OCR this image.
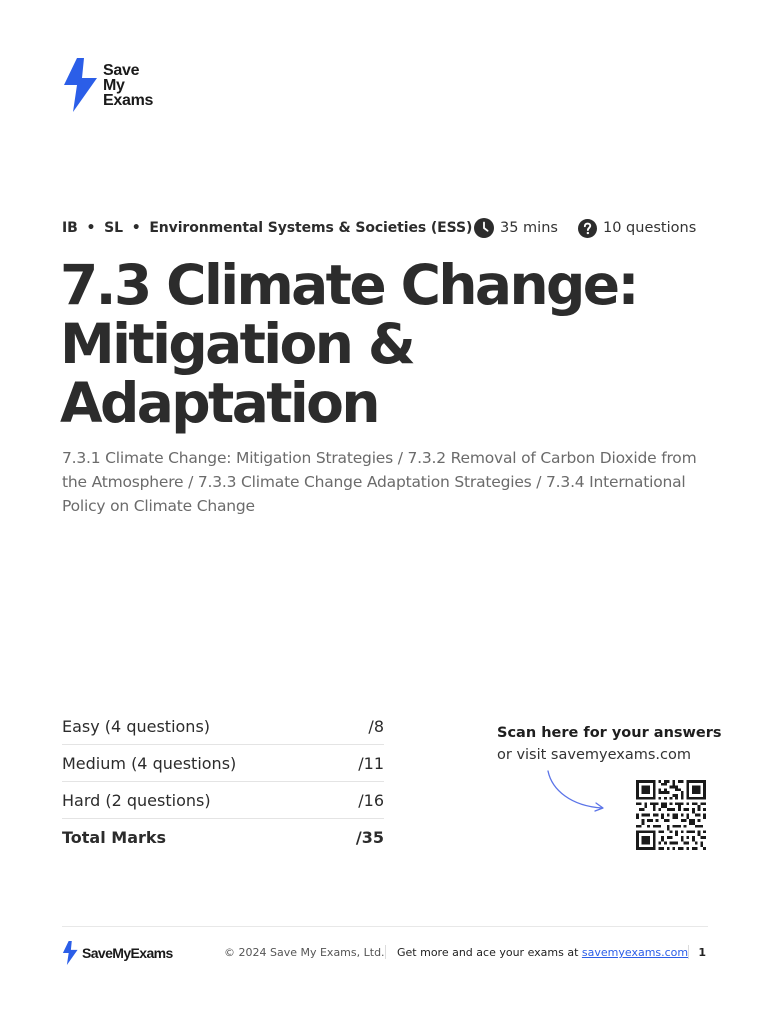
Save
My
Exams
IB • SL • Environmental Systems & Societies (ESS) 35 mins	10 questions
7.3 Climate Change:
Mitigation &
Adaptation

7.3.1 Climate Change: Mitigation Strategies / 7.3.2 Removal of Carbon Dioxide from the Atmosphere / 7.3.3 Climate Change Adaptation Strategies / 7.3.4 International Policy on Climate Change

Easy (4 questions)	/8
Medium (4 questions)	/11
Hard (2 questions)	/16
Total Marks	/35
Scan here for your answers
or visit savemyexams.com
SaveMyExams	© 2024 Save My Exams, Ltd. Get more and ace your exams at savemyexams.com 1
